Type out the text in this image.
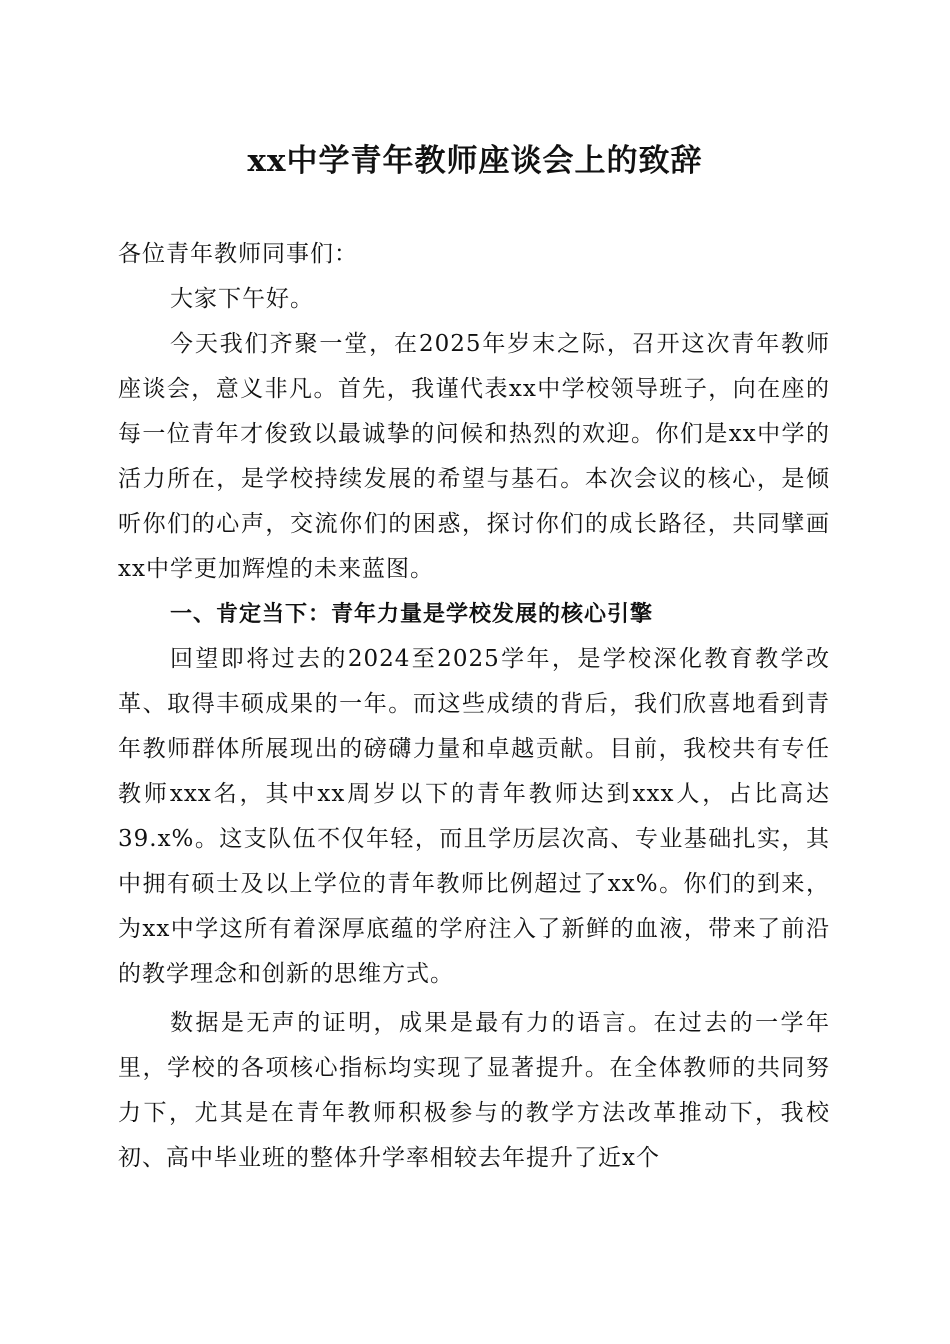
xx中学青年教师座谈会上的致辞

各位青年教师同事们：

大家下午好。

今天我们齐聚一堂，在2025年岁末之际，召开这次青年教师座谈会，意义非凡。首先，我谨代表xx中学校领导班子，向在座的每一位青年才俊致以最诚挚的问候和热烈的欢迎。你们是xx中学的活力所在，是学校持续发展的希望与基石。本次会议的核心，是倾听你们的心声，交流你们的困惑，探讨你们的成长路径，共同擘画xx中学更加辉煌的未来蓝图。

一、肯定当下：青年力量是学校发展的核心引擎

回望即将过去的2024至2025学年，是学校深化教育教学改革、取得丰硕成果的一年。而这些成绩的背后，我们欣喜地看到青年教师群体所展现出的磅礴力量和卓越贡献。目前，我校共有专任教师xxx名，其中xx周岁以下的青年教师达到xxx人，占比高达39.x%。这支队伍不仅年轻，而且学历层次高、专业基础扎实，其中拥有硕士及以上学位的青年教师比例超过了xx%。你们的到来，为xx中学这所有着深厚底蕴的学府注入了新鲜的血液，带来了前沿的教学理念和创新的思维方式。

数据是无声的证明，成果是最有力的语言。在过去的一学年里，学校的各项核心指标均实现了显著提升。在全体教师的共同努力下，尤其是在青年教师积极参与的教学方法改革推动下，我校初、高中毕业班的整体升学率相较去年提升了近x个
